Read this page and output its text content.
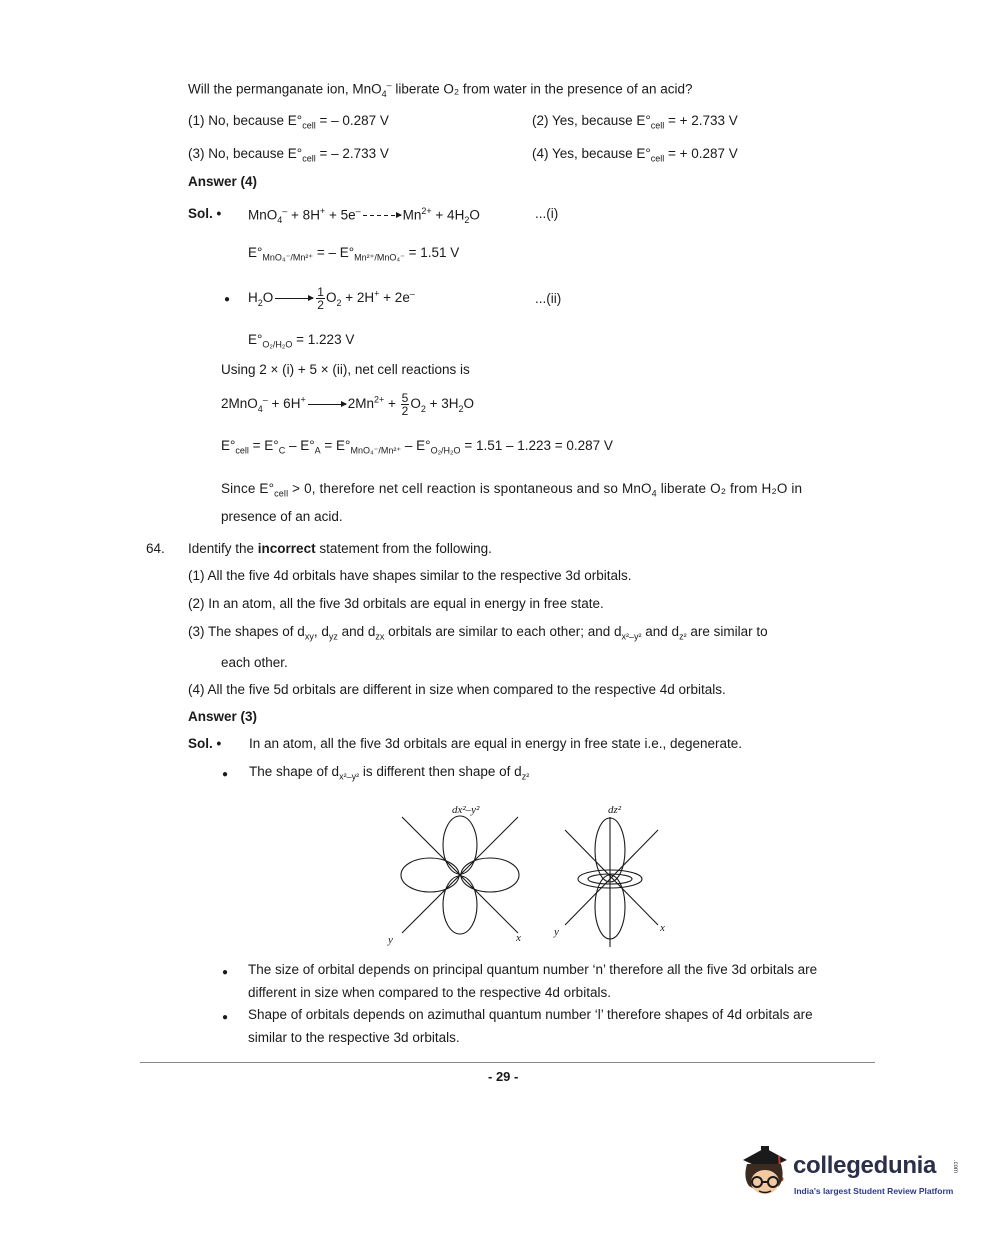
Will the permanganate ion, MnO$_4$– liberate O₂ from water in the presence of an acid?
(1) No, because $E^\circ_{cell}$ = – 0.287 V	(2) Yes, because $E^\circ_{cell}$ = + 2.733 V
(3) No, because $E^\circ_{cell}$ = – 2.733 V	(4) Yes, because $E^\circ_{cell}$ = + 0.287 V
Answer (4)
Sol. • $MnO_4^- + 8H^+ + 5e^- \to Mn^{2+} + 4H_2O$	...(i)
$E^\circ_{MnO_4^-/Mn^{2+}}$ = – $E^\circ_{Mn^{2+}/MnO_4^-} = 1.51$ V
● $H_2O \to \frac{1}{2} O_2 + 2H^+ + 2e^-$	...(ii)
$E^\circ_{O_2/H_2O} = 1.223$ V
Using 2 × (i) + 5 × (ii), net cell reactions is
$2MnO_4^- + 6H^+ \to 2Mn^{2+} + \frac{5}{2} O_2 + 3H_2O$
$E^\circ_{cell} = E^\circ_C - E^\circ_A = E^\circ_{MnO_4^-/Mn^{2+}} - E^\circ_{O_2/H_2O} = 1.51 - 1.223 = 0.287$ V
Since $E^\circ_{cell} > 0$, therefore net cell reaction is spontaneous and so MnO$_4$ liberate O₂ from H₂O in
presence of an acid.
64. Identify the incorrect statement from the following.
(1) All the five 4d orbitals have shapes similar to the respective 3d orbitals.
(2) In an atom, all the five 3d orbitals are equal in energy in free state.
(3) The shapes of $d_{xy}$, $d_{yz}$ and $d_{zx}$ orbitals are similar to each other; and $d_{x^2-y^2}$ and $d_{z^2}$ are similar to
each other.
(4) All the five 5d orbitals are different in size when compared to the respective 4d orbitals.
Answer (3)
Sol. • In an atom, all the five 3d orbitals are equal in energy in free state i.e., degenerate.
● The shape of $d_{x^2-y^2}$ is different then shape of $d_{z^2}$
dx²–y²
y	x
dz²
y	x
● The size of orbital depends on principal quantum number ‘n’ therefore all the five 3d orbitals are
different in size when compared to the respective 4d orbitals.
● Shape of orbitals depends on azimuthal quantum number ‘l’ therefore shapes of 4d orbitals are
similar to the respective 3d orbitals.
- 29 -
collegedunia	.com
India's largest Student Review Platform
